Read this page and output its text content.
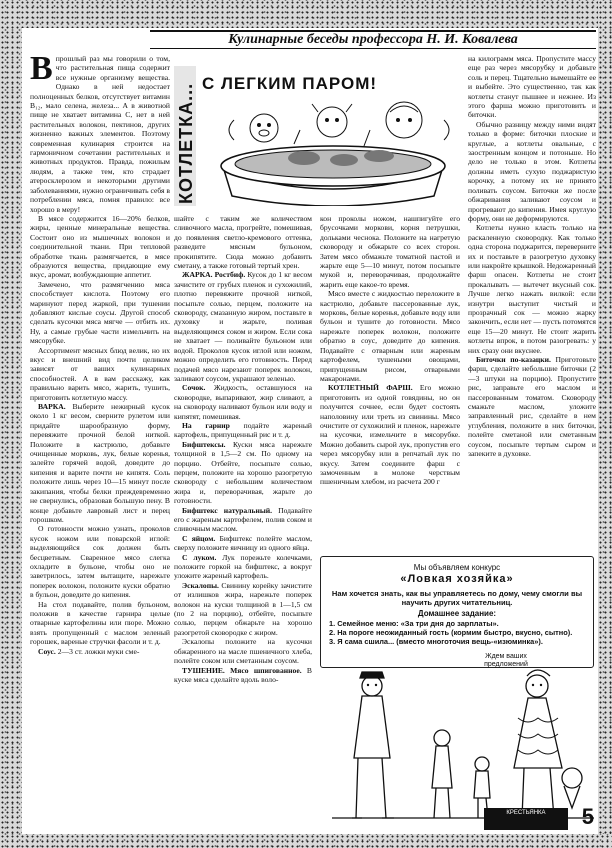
Кулинарные беседы профессора Н. И. Ковалева

Впрошлый раз мы говорили о том, что растительная пища содержит все нужные организму вещества. Однако в ней недостает полноценных белков, отсутствует витамин B₁₂, мало селена, железа... А в животной пище не хватает витамина C, нет в ней растительных волокон, пектинов, других жизненно важных элементов. Поэтому современная кулинария строится на гармоничном сочетании растительных и животных продуктов. Правда, пожилым людям, а также тем, кто страдает атеросклерозом и некоторыми другими заболеваниями, нужно ограничивать себя в потреблении мяса, помня правило: все хорошо в меру!

В мясе содержится 16—20% белков, жиры, ценные минеральные вещества. Состоит оно из мышечных волокон и соединительной ткани. При тепловой обработке ткань размягчается, в мясе образуются вещества, придающие ему вкус, аромат, возбуждающие аппетит.

Замечено, что размягчению мяса способствует кислота. Поэтому его маринуют перед жаркой, при тушении добавляют кислые соусы. Другой способ сделать кусочки мяса мягче — отбить их. Ну, а самые грубые части измельчить на мясорубке.

Ассортимент мясных блюд велик, но их вкус и внешний вид почти целиком зависят от ваших кулинарных способностей. А в вам расскажу, как правильно варить мясо, жарить, тушить, приготовить котлетную массу.

ВАРКА. Выберите нежирный кусок около 1 кг весом, сверните рулетом или придайте шарообразную форму, перевяжите прочной белой ниткой. Положите в кастрюлю, добавьте очищенные морковь, лук, белые коренья, залейте горячей водой, доведите до кипения и варите почти не кипятя. Соль положите лишь через 10—15 минут после закипания, чтобы белки преждевременно не свернулись, образовав большую пену. В конце добавьте лавровый лист и перец горошком.

О готовности можно узнать, проколов кусок ножом или поварской иглой: выделяющийся сок должен быть бесцветным. Сваренное мясо слегка охладите в бульоне, чтобы оно не заветрилось, затем вытащите, нарежьте поперек волокон, положите куски обратно в бульон, доведите до кипения.

На стол подавайте, полив бульоном, положив в качестве гарнира целые отварные картофелины или пюре. Можно взять пропущенный с маслом зеленый горошек, вареные стручки фасоли и т. д.

Соус. 2—3 ст. ложки муки сме-

КОТЛЕТКА... С ЛЕГКИМ ПАРОМ!

шайте с таким же количеством сливочного масла, прогрейте, помешивая, до появления светло-кремового оттенка, разведите мясным бульоном, прокипятите. Сюда можно добавить сметану, а также готовый тертый хрен.

ЖАРКА. Ростбиф. Кусок до 1 кг весом зачистите от грубых пленок и сухожилий, плотно перевяжите прочной ниткой, посыпьте солью, перцем, положите на сковороду, смазанную жиром, поставьте в духовку и жарьте, поливая выделяющимся соком и жиром. Если сока не хватает — поливайте бульоном или водой. Проколов кусок иглой или ножом, можно определить его готовность. Перед подачей мясо нарезают поперек волокон, заливают соусом, украшают зеленью.

Сочок. Жидкость, оставшуюся на сковородке, выпаривают, жир сливают, а на сковороду наливают бульон или воду и кипятят, помешивая.

На гарнир подайте жареный картофель, припущенный рис и т. д.

Бифштексы. Куски мяса нарежьте толщиной в 1,5—2 см. По одному на порцию. Отбейте, посыпьте солью, перцем, положите на хорошо разогретую сковороду с небольшим количеством жира и, переворачивая, жарьте до готовности.

Бифштекс натуральный. Подавайте его с жареным картофелем, полив соком и сливочным маслом.

С яйцом. Бифштекс полейте маслом, сверху положите яичницу из одного яйца.

С луком. Лук порежьте колечками, положите горкой на бифштекс, а вокруг уложите жареный картофель.

Эскалопы. Свинину корейку зачистите от излишков жира, нарежьте поперек волокон на куски толщиной в 1—1,5 см (по 2 на порцию), отбейте, посыпьте солью, перцем обжарьте на хорошо разогретой сковородке с жиром.

Эскалопы положите на кусочки обжаренного на масле пшеничного хлеба, полейте соком или сметанным соусом.

ТУШЕНИЕ. Мясо шпигованное. В куске мяса сделайте вдоль воло-

кон проколы ножом, нашпигуйте его брусочками моркови, корня петрушки, дольками чеснока. Положите на нагретую сковороду и обжарьте со всех сторон. Затем мясо обмажьте томатной пастой и жарьте еще 5—10 минут, потом посыпьте мукой и, переворачивая, продолжайте жарить еще какое-то время.

Мясо вместе с жидкостью переложите в кастрюлю, добавьте пассерованные лук, морковь, белые коренья, добавьте воду или бульон и тушите до готовности. Мясо нарежьте поперек волокон, положите обратно в соус, доведите до кипения. Подавайте с отварным или жареным картофелем, тушеными овощами, припущенным рисом, отварными макаронами.

КОТЛЕТНЫЙ ФАРШ. Его можно приготовить из одной говядины, но он получится сочнее, если будет состоять наполовину или треть из свинины. Мясо очистите от сухожилий и пленок, нарежьте на кусочки, измельчите в мясорубке. Можно добавить сырой лук, пропустив его через мясорубку или в репчатый лук по вкусу. Затем соедините фарш с замоченным в молоке черствым пшеничным хлебом, из расчета 200 г

на килограмм мяса. Пропустите массу еще раз через мясорубку и добавьте соль и перец. Тщательно вымешайте ее и выбейте. Это существенно, так как котлеты станут пышнее и нежнее. Из этого фарша можно приготовить и биточки.

Обычно разницу между ними видят только в форме: биточки плоские и круглые, а котлеты овальные, с заостренным концом и потоньше. Но дело не только в этом. Котлеты должны иметь сухую поджаристую корочку, а потому их не принято поливать соусом. Биточки же после обжаривания заливают соусом и прогревают до кипения. Имея круглую форму, они не деформируются.

Котлеты нужно класть только на раскаленную сковородку. Как только одна сторона поджарится, переверните их и поставьте в разогретую духовку или накройте крышкой. Недожаренный фарш опасен. Котлеты не стоит прокалывать — вытечет вкусный сок. Лучше легко нажать вилкой: если изнутри выступит чистый и прозрачный сок — можно жарку закончить, если нет — пусть потомятся еще 15—20 минут. Не стоит жарить котлеты впрок, в потом разогревать: у них сразу они вкуснее.

Биточки по-казацки. Приготовьте фарш, сделайте небольшие биточки (2—3 штуки на порцию). Пропустите рис, заправьте его маслом и пассерованным томатом. Сковороду смажьте маслом, уложите заправленный рис, сделайте в нем углубления, положите в них биточки, полейте сметаной или сметанным соусом, посыпьте тертым сыром и запеките в духовке.

Мы объявляем конкурс
«Ловкая хозяйка»
Нам хочется знать, как вы управляетесь по дому, чему смогли вы научить других читательниц.
Домашнее задание:
1. Семейное меню: «За три дня до зарплаты».
2. На пороге неожиданный гость (кормим быстро, вкусно, сытно).
3. Я сама сшила... (вместо многоточия вещь-«изюминка»).
Ждем ваших предложений
КРЕСТЬЯНКА	5
